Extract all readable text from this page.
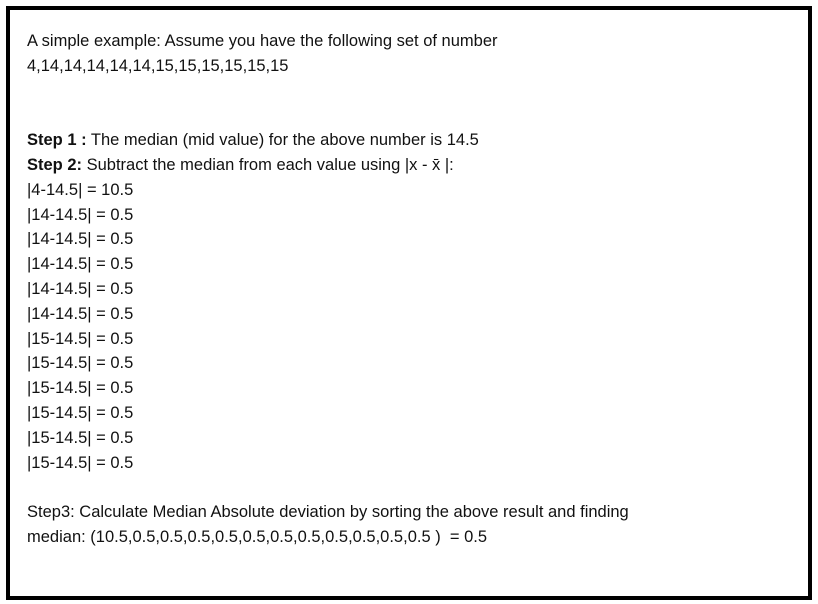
A simple example: Assume you have the following set of number

4,14,14,14,14,14,15,15,15,15,15,15

Step 1 : The median (mid value) for the above number is 14.5

Step 2: Subtract the median from each value using |x - x̄ |:

|4-14.5| = 10.5

|14-14.5| = 0.5

|14-14.5| = 0.5

|14-14.5| = 0.5

|14-14.5| = 0.5

|14-14.5| = 0.5

|15-14.5| = 0.5

|15-14.5| = 0.5

|15-14.5| = 0.5

|15-14.5| = 0.5

|15-14.5| = 0.5

|15-14.5| = 0.5

Step3: Calculate Median Absolute deviation by sorting the above result and finding

median: (10.5,0.5,0.5,0.5,0.5,0.5,0.5,0.5,0.5,0.5,0.5,0.5 )  = 0.5
